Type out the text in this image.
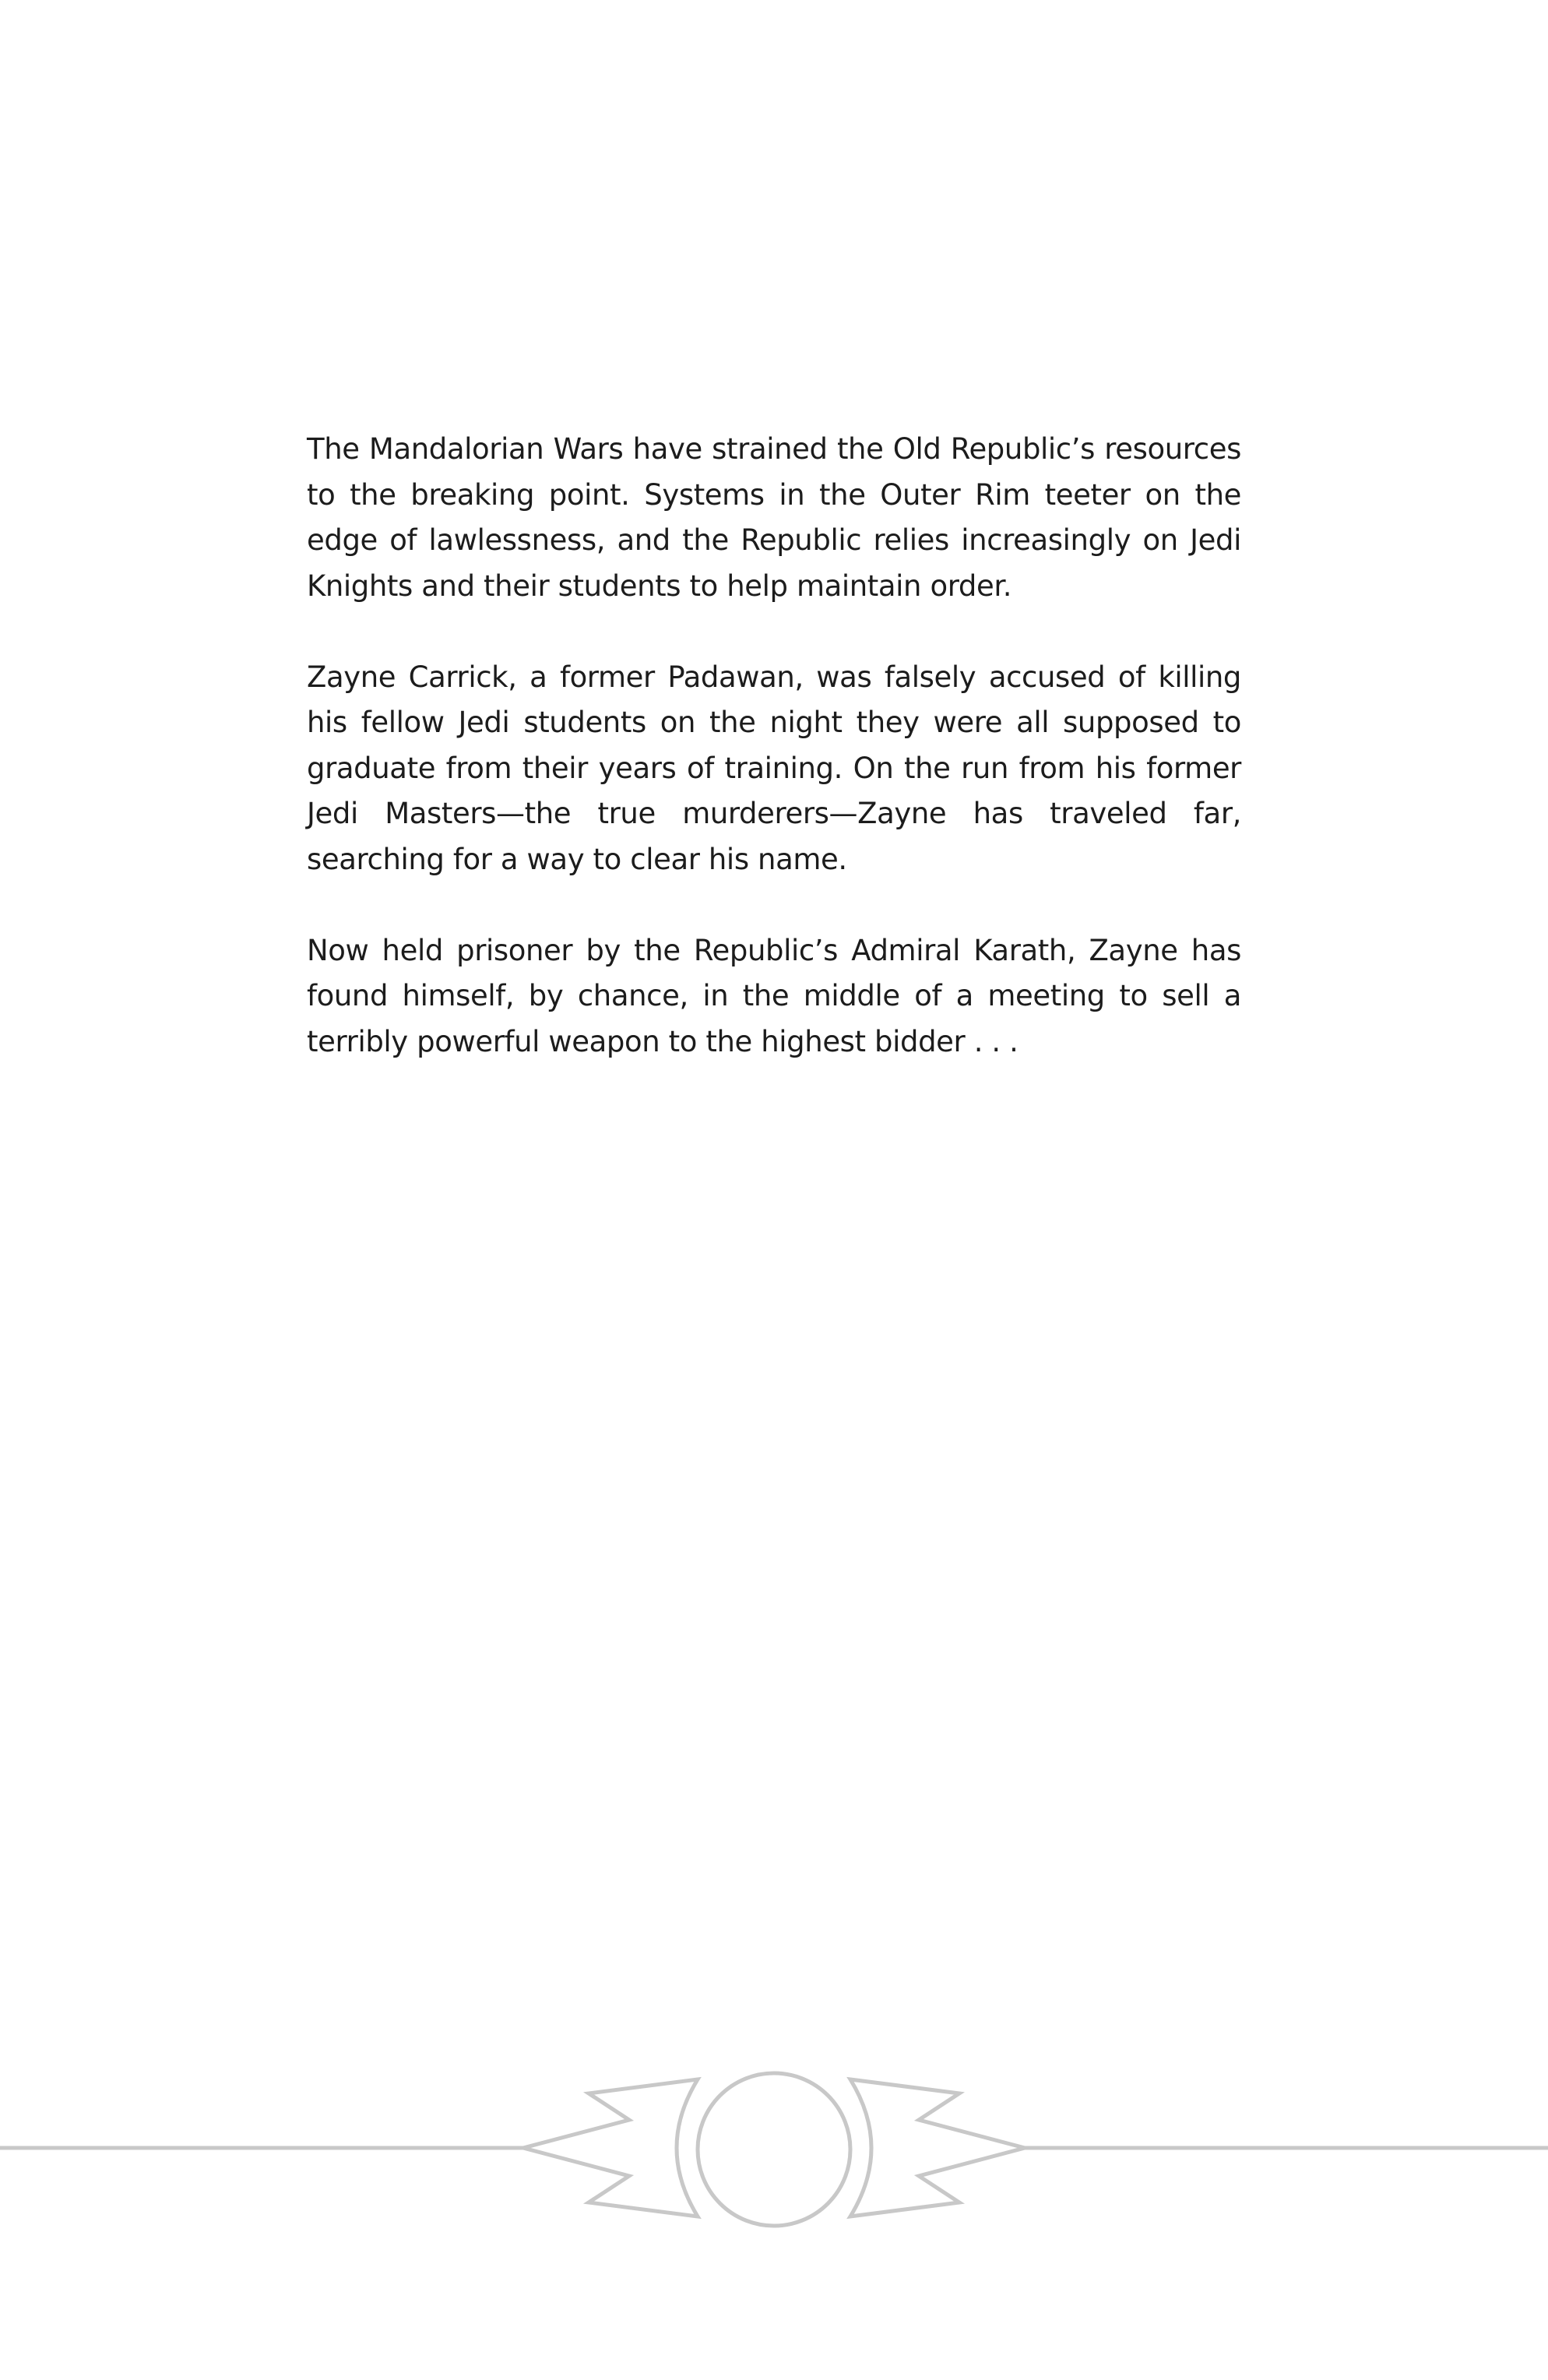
The Mandalorian Wars have strained the Old Republic’s resources to the breaking point. Systems in the Outer Rim teeter on the edge of lawlessness, and the Republic relies increasingly on Jedi Knights and their students to help maintain order.

Zayne Carrick, a former Padawan, was falsely accused of killing his fellow Jedi students on the night they were all supposed to graduate from their years of training. On the run from his former Jedi Masters—the true murderers—Zayne has traveled far, searching for a way to clear his name.

Now held prisoner by the Republic’s Admiral Karath, Zayne has found himself, by chance, in the middle of a meeting to sell a terribly powerful weapon to the highest bidder . . .
